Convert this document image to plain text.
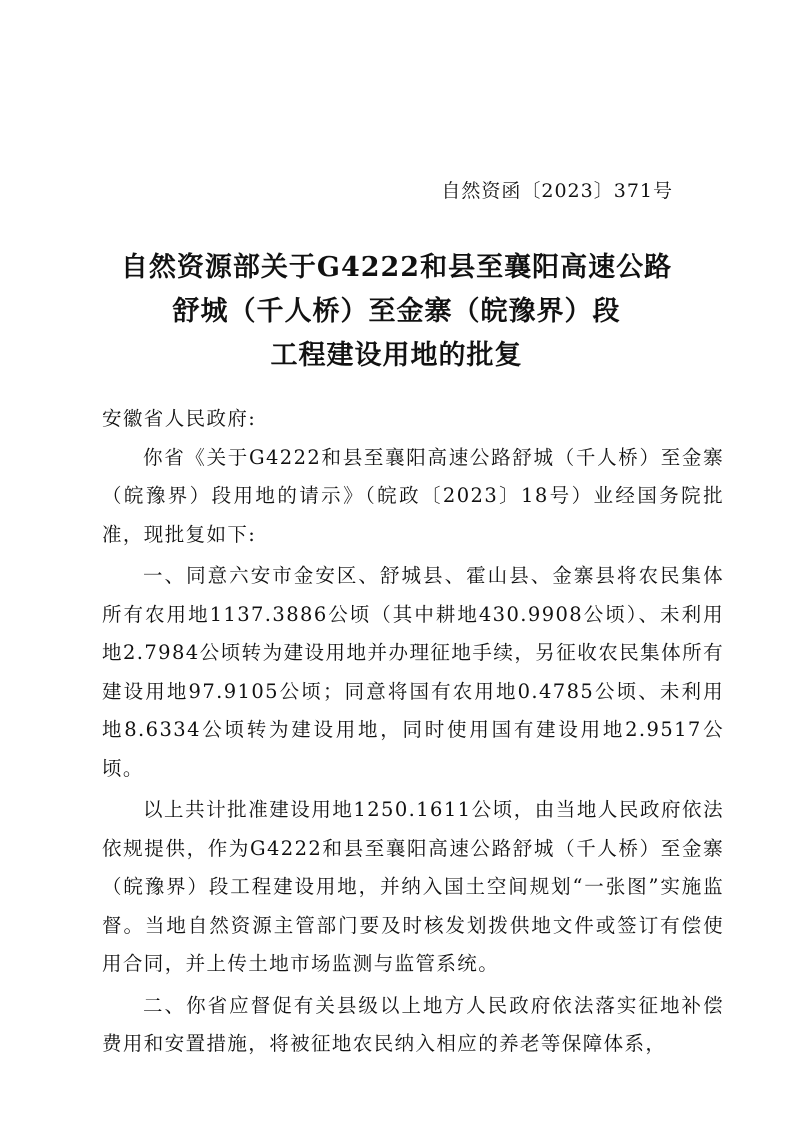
自然资函〔2023〕371号
自然资源部关于G4222和县至襄阳高速公路
舒城（千人桥）至金寨（皖豫界）段
工程建设用地的批复

安徽省人民政府:

你省《关于G4222和县至襄阳高速公路舒城（千人桥）至金寨（皖豫界）段用地的请示》（皖政〔2023〕18号）业经国务院批准，现批复如下:

一、同意六安市金安区、舒城县、霍山县、金寨县将农民集体所有农用地1137.3886公顷（其中耕地430.9908公顷）、未利用地2.7984公顷转为建设用地并办理征地手续，另征收农民集体所有建设用地97.9105公顷；同意将国有农用地0.4785公顷、未利用地8.6334公顷转为建设用地，同时使用国有建设用地2.9517公顷。

以上共计批准建设用地1250.1611公顷，由当地人民政府依法依规提供，作为G4222和县至襄阳高速公路舒城（千人桥）至金寨（皖豫界）段工程建设用地，并纳入国土空间规划“一张图”实施监督。当地自然资源主管部门要及时核发划拨供地文件或签订有偿使用合同，并上传土地市场监测与监管系统。

二、你省应督促有关县级以上地方人民政府依法落实征地补偿费用和安置措施，将被征地农民纳入相应的养老等保障体系，
